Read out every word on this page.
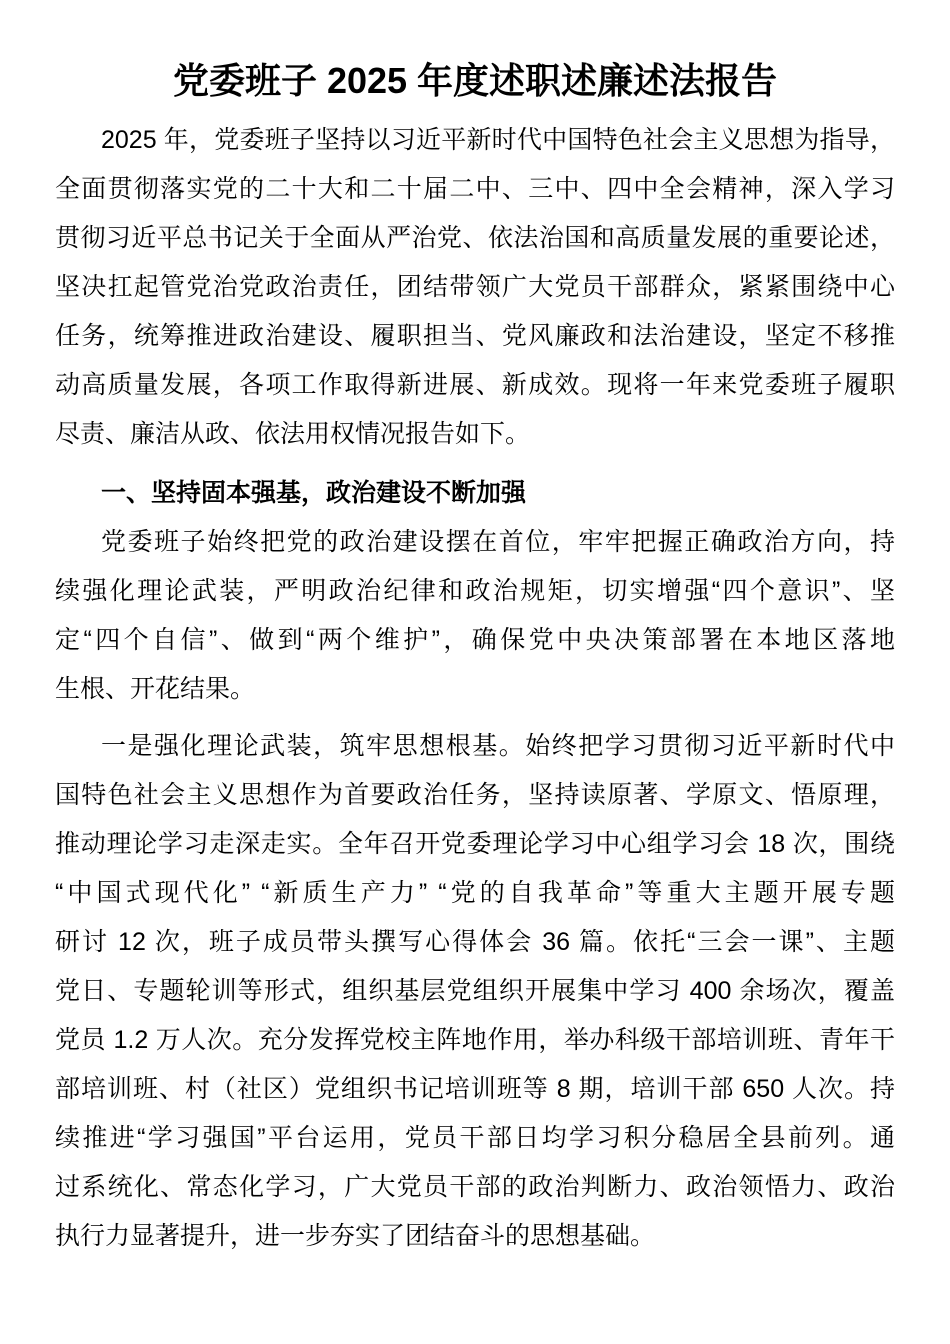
党委班子 2025 年度述职述廉述法报告
2025 年，党委班子坚持以习近平新时代中国特色社会主义思想为指导，
全面贯彻落实党的二十大和二十届二中、三中、四中全会精神，深入学习
贯彻习近平总书记关于全面从严治党、依法治国和高质量发展的重要论述，
坚决扛起管党治党政治责任，团结带领广大党员干部群众，紧紧围绕中心
任务，统筹推进政治建设、履职担当、党风廉政和法治建设，坚定不移推
动高质量发展，各项工作取得新进展、新成效。现将一年来党委班子履职
尽责、廉洁从政、依法用权情况报告如下。
一、坚持固本强基，政治建设不断加强
党委班子始终把党的政治建设摆在首位，牢牢把握正确政治方向，持
续强化理论武装，严明政治纪律和政治规矩，切实增强“四个意识”、坚
定“四个自信”、做到“两个维护”，确保党中央决策部署在本地区落地
生根、开花结果。
一是强化理论武装，筑牢思想根基。始终把学习贯彻习近平新时代中
国特色社会主义思想作为首要政治任务，坚持读原著、学原文、悟原理，
推动理论学习走深走实。全年召开党委理论学习中心组学习会 18 次，围绕
“中国式现代化” “新质生产力” “党的自我革命”等重大主题开展专题
研讨 12 次，班子成员带头撰写心得体会 36 篇。依托“三会一课”、主题
党日、专题轮训等形式，组织基层党组织开展集中学习 400 余场次，覆盖
党员 1.2 万人次。充分发挥党校主阵地作用，举办科级干部培训班、青年干
部培训班、村（社区）党组织书记培训班等 8 期，培训干部 650 人次。持
续推进“学习强国”平台运用，党员干部日均学习积分稳居全县前列。通
过系统化、常态化学习，广大党员干部的政治判断力、政治领悟力、政治
执行力显著提升，进一步夯实了团结奋斗的思想基础。
